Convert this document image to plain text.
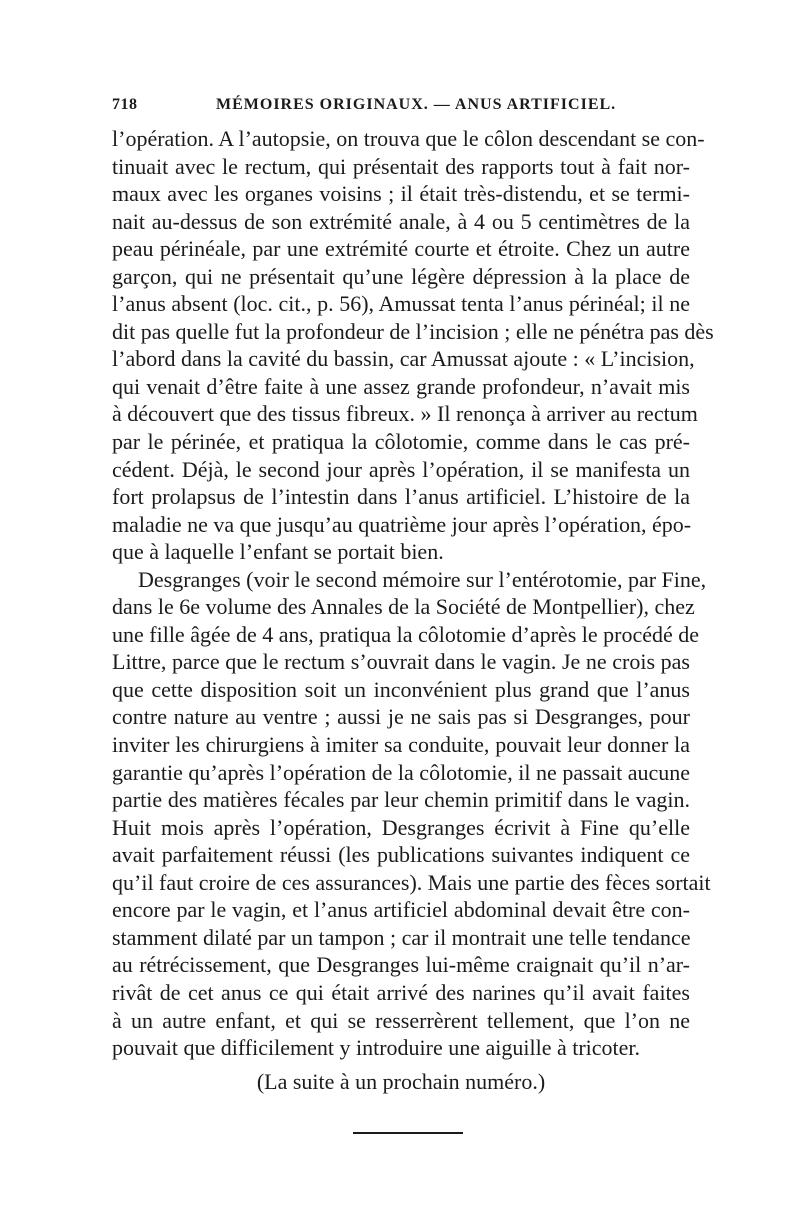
718	MÉMOIRES ORIGINAUX. — ANUS ARTIFICIEL.
l’opération. A l’autopsie, on trouva que le côlon descendant se con-
tinuait avec le rectum, qui présentait des rapports tout à fait nor-
maux avec les organes voisins ; il était très-distendu, et se termi-
nait au-dessus de son extrémité anale, à 4 ou 5 centimètres de la
peau périnéale, par une extrémité courte et étroite. Chez un autre
garçon, qui ne présentait qu’une légère dépression à la place de
l’anus absent (loc. cit., p. 56), Amussat tenta l’anus périnéal; il ne
dit pas quelle fut la profondeur de l’incision ; elle ne pénétra pas dès
l’abord dans la cavité du bassin, car Amussat ajoute : « L’incision,
qui venait d’être faite à une assez grande profondeur, n’avait mis
à découvert que des tissus fibreux. » Il renonça à arriver au rectum
par le périnée, et pratiqua la côlotomie, comme dans le cas pré-
cédent. Déjà, le second jour après l’opération, il se manifesta un
fort prolapsus de l’intestin dans l’anus artificiel. L’histoire de la
maladie ne va que jusqu’au quatrième jour après l’opération, épo-
que à laquelle l’enfant se portait bien.
Desgranges (voir le second mémoire sur l’entérotomie, par Fine,
dans le 6e volume des Annales de la Société de Montpellier), chez
une fille âgée de 4 ans, pratiqua la côlotomie d’après le procédé de
Littre, parce que le rectum s’ouvrait dans le vagin. Je ne crois pas
que cette disposition soit un inconvénient plus grand que l’anus
contre nature au ventre ; aussi je ne sais pas si Desgranges, pour
inviter les chirurgiens à imiter sa conduite, pouvait leur donner la
garantie qu’après l’opération de la côlotomie, il ne passait aucune
partie des matières fécales par leur chemin primitif dans le vagin.
Huit mois après l’opération, Desgranges écrivit à Fine qu’elle
avait parfaitement réussi (les publications suivantes indiquent ce
qu’il faut croire de ces assurances). Mais une partie des fèces sortait
encore par le vagin, et l’anus artificiel abdominal devait être con-
stamment dilaté par un tampon ; car il montrait une telle tendance
au rétrécissement, que Desgranges lui-même craignait qu’il n’ar-
rivât de cet anus ce qui était arrivé des narines qu’il avait faites
à un autre enfant, et qui se resserrèrent tellement, que l’on ne
pouvait que difficilement y introduire une aiguille à tricoter.
(La suite à un prochain numéro.)
